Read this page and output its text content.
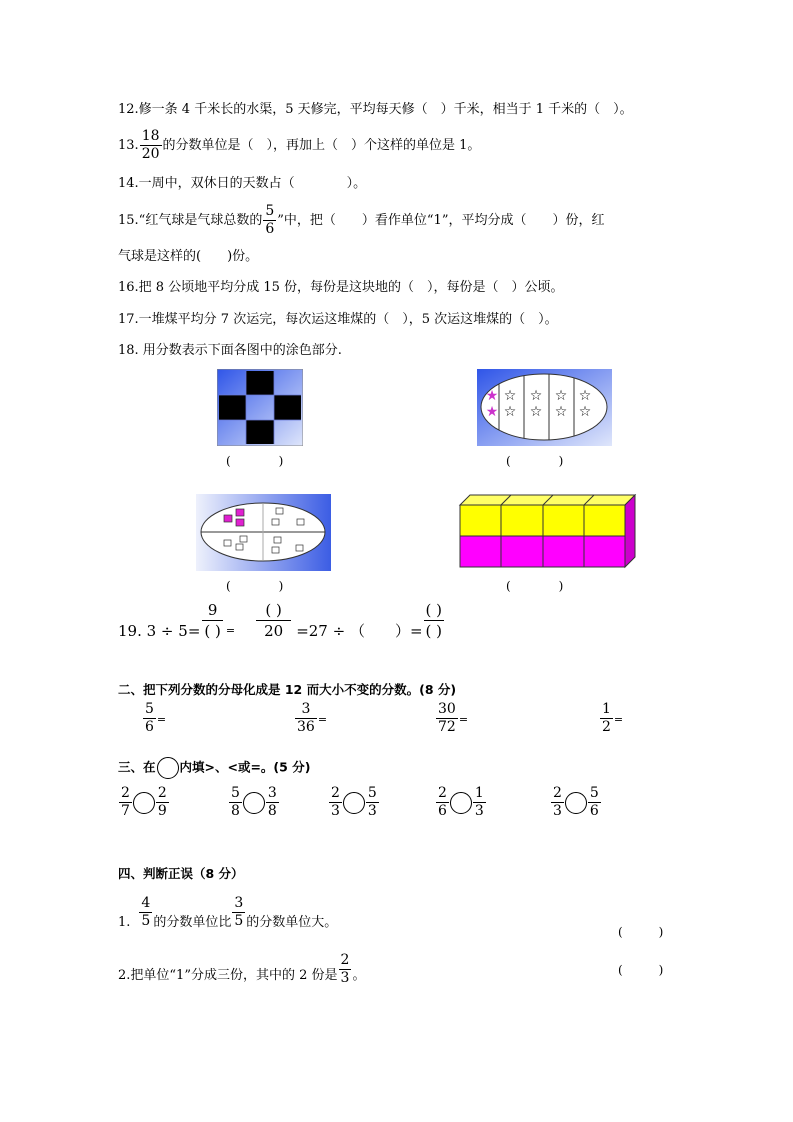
12.修一条 4 千米长的水渠，5 天修完，平均每天修（　）千米，相当于 1 千米的（　）。
13. $\frac{18}{20}$ 的分数单位是（　），再加上（　）个这样的单位是 1。
14.一周中，双休日的天数占（　　　　）。
15.“红气球是气球总数的 $\frac{5}{6}$ ”中，把（　　）看作单位“1”，平均分成（　　）份，红
气球是这样的(　　)份。
16.把 8 公顷地平均分成 15 份，每份是这块地的（　），每份是（　）公顷。
17.一堆煤平均分 7 次运完，每次运这堆煤的（　），5 次运这堆煤的（　）。
18. 用分数表示下面各图中的涂色部分.
(　　　　)
★
★
☆
☆
☆
☆
☆
☆
☆
☆
(　　　　)
(　　　　)	(　　　　)
19. $3 \div 5= \frac{9}{( )} = \frac{( )}{20} =27$ ÷ （　　）= $\frac{( )}{( )}$
二、把下列分数的分母化成是 12 而大小不变的分数。(8 分)
$\frac{5}{6}$ =	$\frac{3}{36}$ =	$\frac{30}{72}$ =	$\frac{1}{2}$ =
三、在 内填>、<或=。(5 分)
$\frac{2}{7} \frac{2}{9}$	$\frac{5}{8} \frac{3}{8}$	$\frac{2}{3} \frac{5}{3}$	$\frac{2}{6} \frac{1}{3}$	$\frac{2}{3} \frac{5}{6}$
四、判断正误（8 分）
1. $\frac{4}{5}$ 的分数单位比 $\frac{3}{5}$ 的分数单位大。
(　　　)
2.把单位“1”分成三份，其中的 2 份是 $\frac{2}{3}$ 。	(　　　)
